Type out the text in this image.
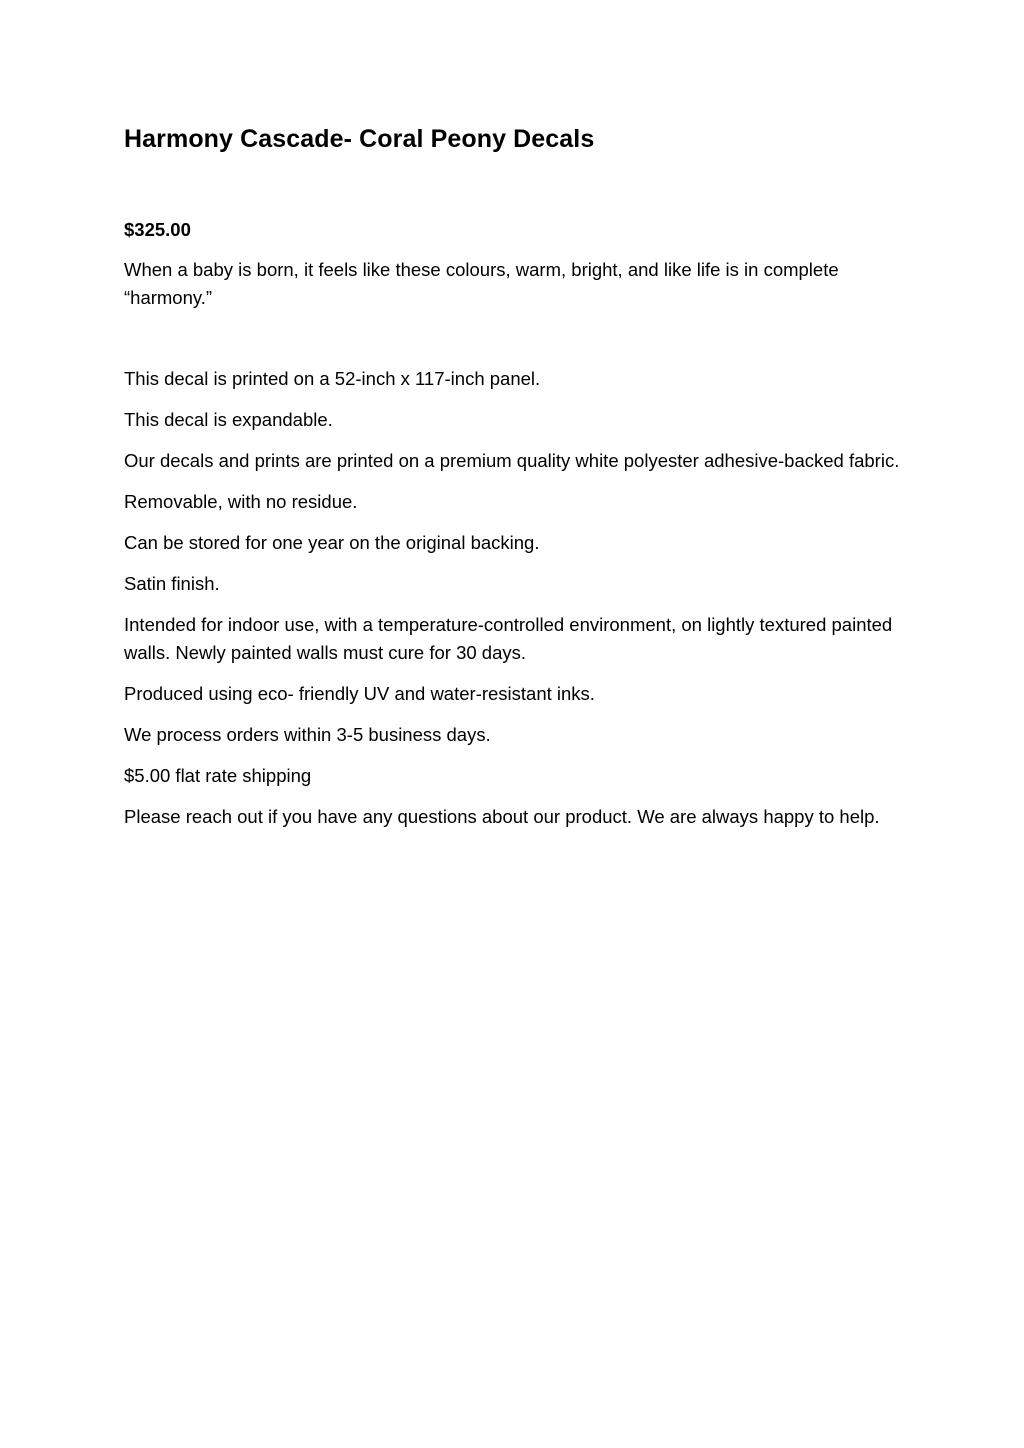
Harmony Cascade- Coral Peony Decals

$325.00

When a baby is born, it feels like these colours, warm, bright, and like life is in complete “harmony.”

This decal is printed on a 52-inch x 117-inch panel.

This decal is expandable.

Our decals and prints are printed on a premium quality white polyester adhesive-backed fabric.

Removable, with no residue.

Can be stored for one year on the original backing.

Satin finish.

Intended for indoor use, with a temperature-controlled environment, on lightly textured painted walls. Newly painted walls must cure for 30 days.

Produced using eco- friendly UV and water-resistant inks.

We process orders within 3-5 business days.

$5.00 flat rate shipping

Please reach out if you have any questions about our product. We are always happy to help.
